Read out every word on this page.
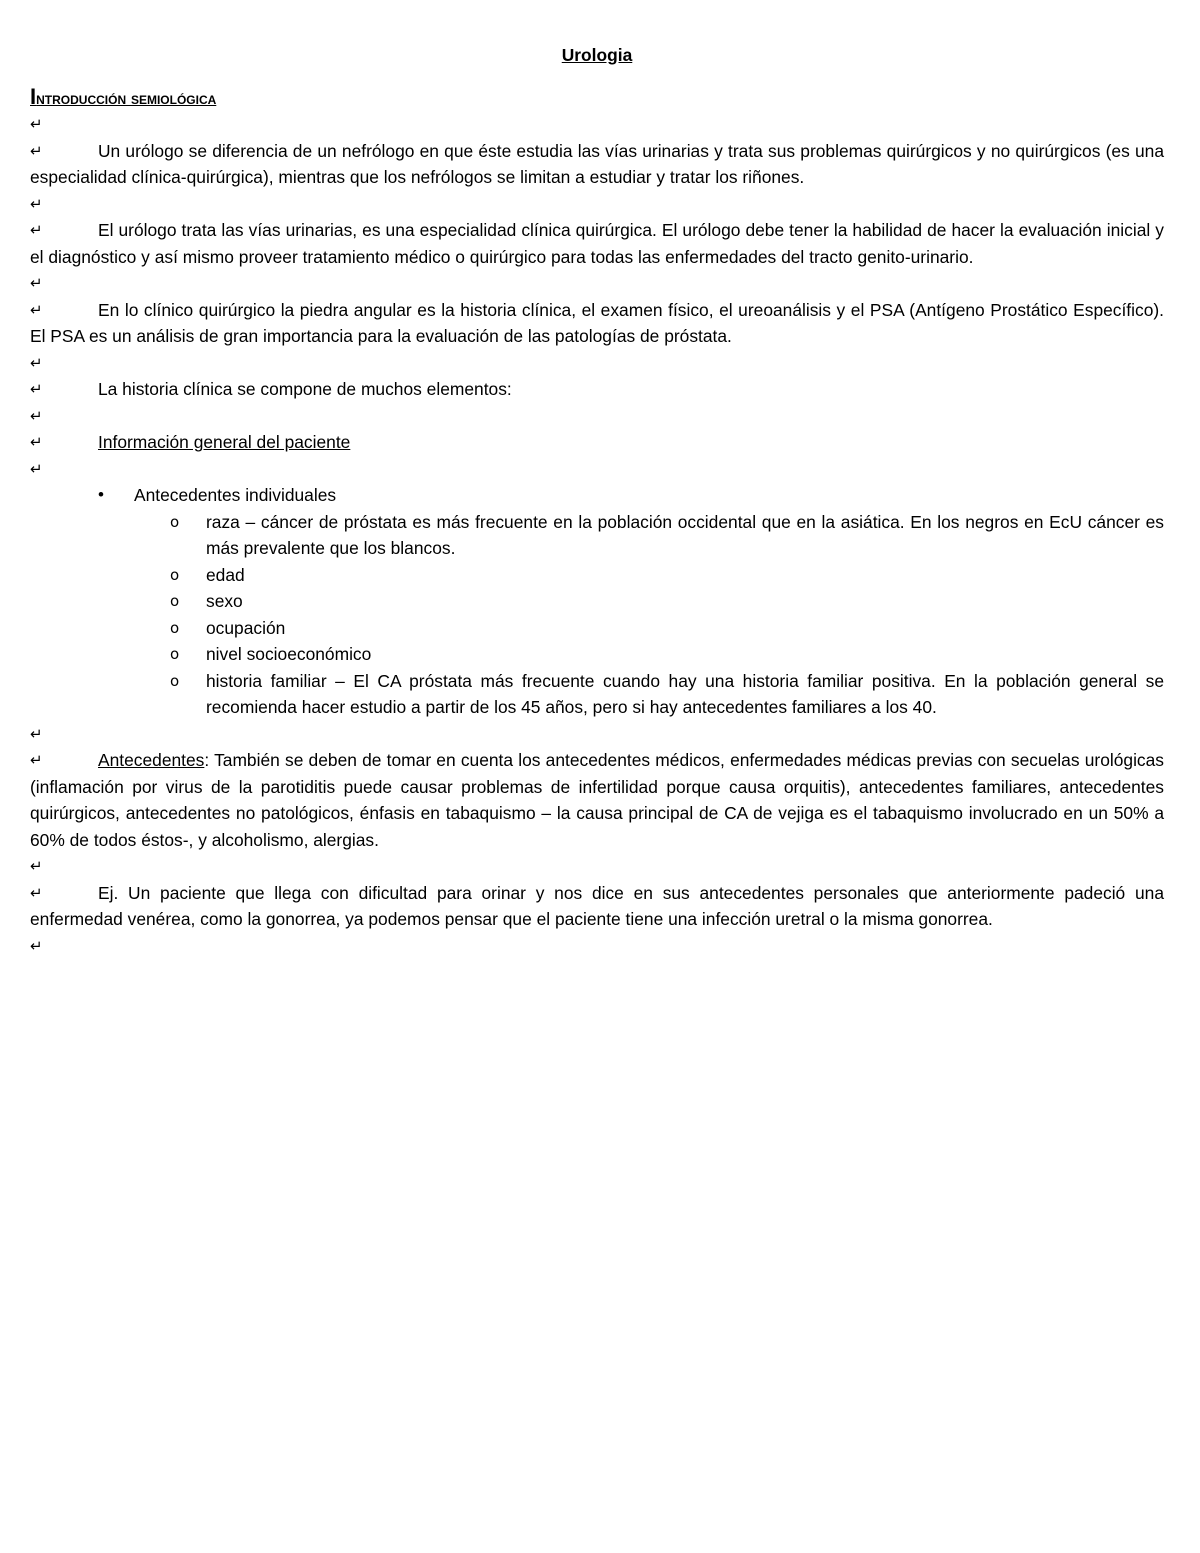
Urologia
Introducción semiológica
↵
↵	Un urólogo se diferencia de un nefrólogo en que éste estudia las vías urinarias y trata sus problemas quirúrgicos y no quirúrgicos (es una especialidad clínica-quirúrgica), mientras que los nefrólogos se limitan a estudiar y tratar los riñones.

↵
↵	El urólogo trata las vías urinarias, es una especialidad clínica quirúrgica. El urólogo debe tener la habilidad de hacer la evaluación inicial y el diagnóstico y así mismo proveer tratamiento médico o quirúrgico para todas las enfermedades del tracto genito-urinario.

↵
↵	En lo clínico quirúrgico la piedra angular es la historia clínica, el examen físico, el ureoanálisis y el PSA (Antígeno Prostático Específico). El PSA es un análisis de gran importancia para la evaluación de las patologías de próstata.

↵
↵	La historia clínica se compone de muchos elementos:

↵
↵	Información general del paciente

↵
• Antecedentes individuales
o raza – cáncer de próstata es más frecuente en la población occidental que en la asiática. En los negros en EcU cáncer es más prevalente que los blancos.
o edad
o sexo
o ocupación
o nivel socioeconómico
o historia familiar – El CA próstata más frecuente cuando hay una historia familiar positiva. En la población general se recomienda hacer estudio a partir de los 45 años, pero si hay antecedentes familiares a los 40.
↵
↵	Antecedentes: También se deben de tomar en cuenta los antecedentes médicos, enfermedades médicas previas con secuelas urológicas (inflamación por virus de la parotiditis puede causar problemas de infertilidad porque causa orquitis), antecedentes familiares, antecedentes quirúrgicos, antecedentes no patológicos, énfasis en tabaquismo – la causa principal de CA de vejiga es el tabaquismo involucrado en un 50% a 60% de todos éstos-, y alcoholismo, alergias.

↵
↵	Ej. Un paciente que llega con dificultad para orinar y nos dice en sus antecedentes personales que anteriormente padeció una enfermedad venérea, como la gonorrea, ya podemos pensar que el paciente tiene una infección uretral o la misma gonorrea.

↵
